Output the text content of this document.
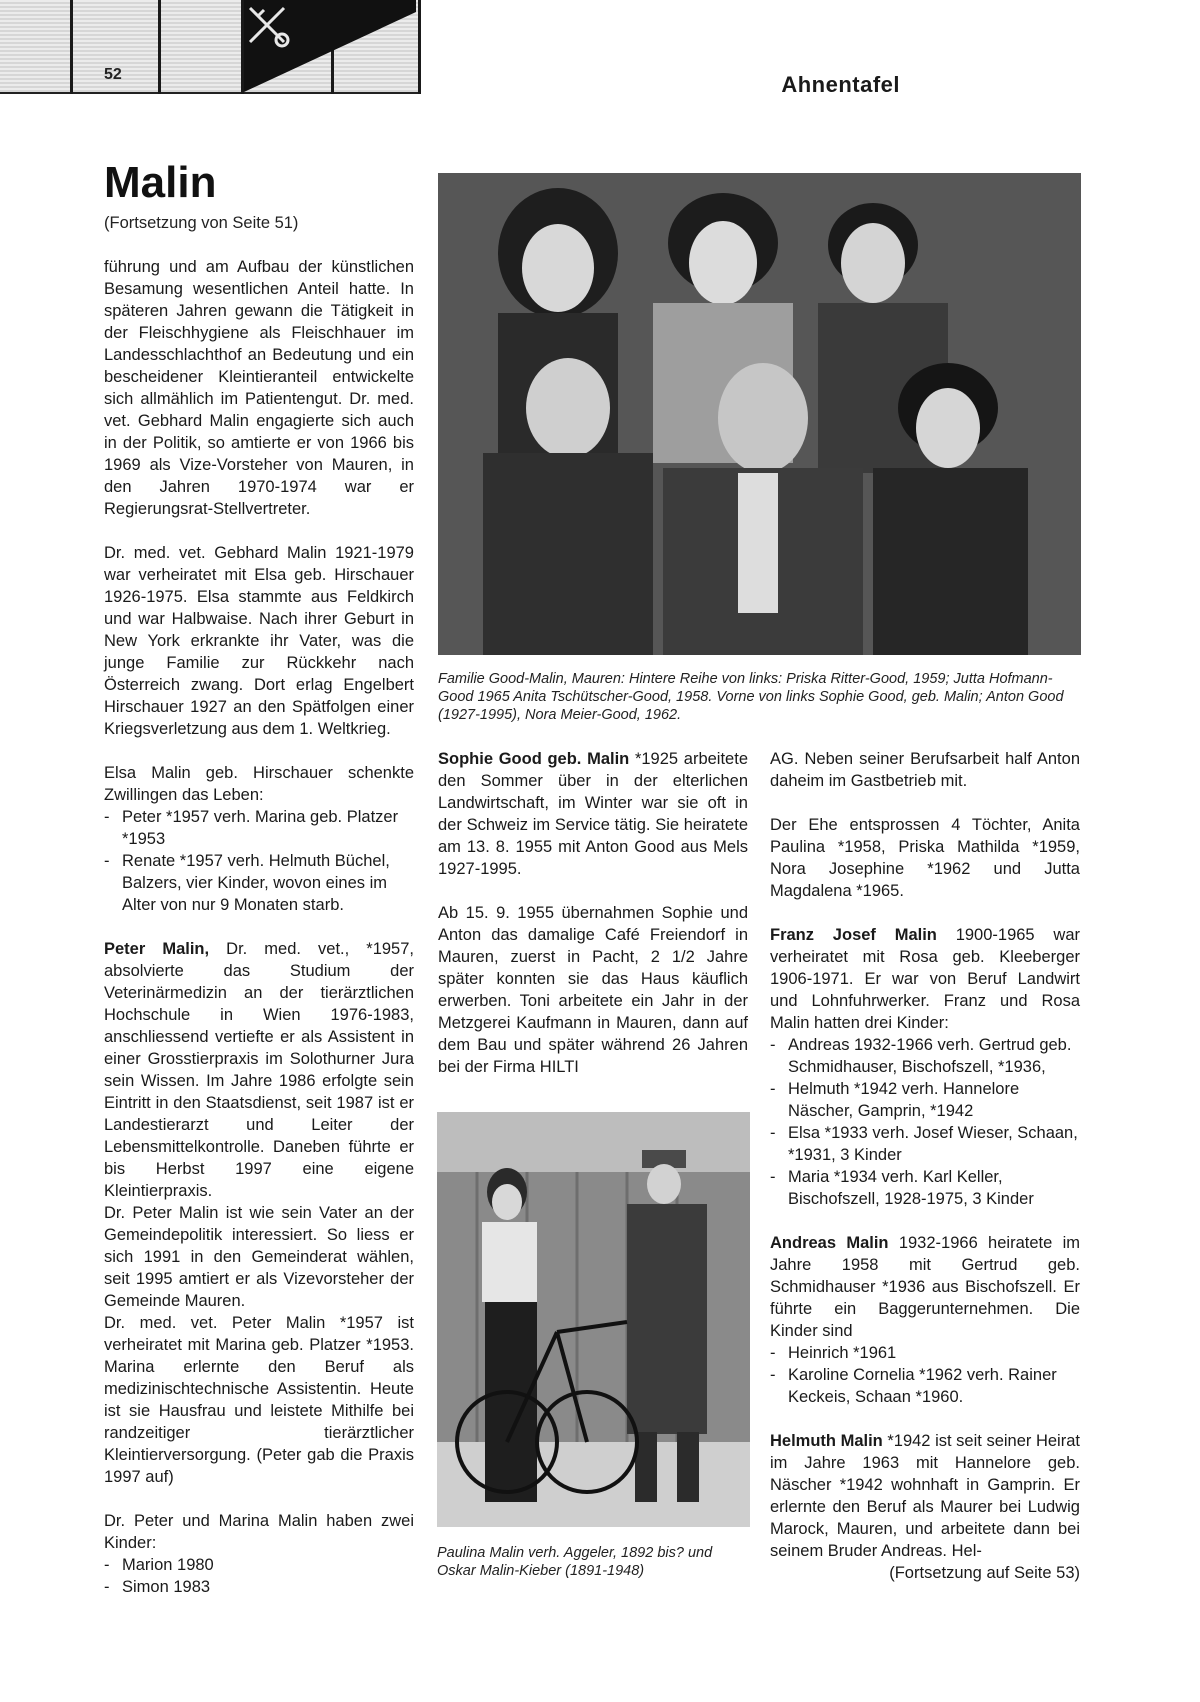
52	Ahnentafel
Malin
(Fortsetzung von Seite 51)

führung und am Aufbau der künstlichen Besamung wesentlichen Anteil hatte. In späteren Jahren gewann die Tätigkeit in der Fleischhygiene als Fleischhauer im Landesschlachthof an Bedeutung und ein bescheidener Kleintieranteil entwickelte sich allmählich im Patientengut. Dr. med. vet. Gebhard Malin engagierte sich auch in der Politik, so amtierte er von 1966 bis 1969 als Vize-Vorsteher von Mauren, in den Jahren 1970-1974 war er Regierungsrat-Stellvertreter.

Dr. med. vet. Gebhard Malin 1921-1979 war verheiratet mit Elsa geb. Hirschauer 1926-1975. Elsa stammte aus Feldkirch und war Halbwaise. Nach ihrer Geburt in New York erkrankte ihr Vater, was die junge Familie zur Rückkehr nach Österreich zwang. Dort erlag Engelbert Hirschauer 1927 an den Spätfolgen einer Kriegsverletzung aus dem 1. Weltkrieg.

Elsa Malin geb. Hirschauer schenkte Zwillingen das Leben:

- Peter *1957 verh. Marina geb. Platzer *1953
- Renate *1957 verh. Helmuth Büchel, Balzers, vier Kinder, wovon eines im Alter von nur 9 Monaten starb.

Peter Malin, Dr. med. vet., *1957, absolvierte das Studium der Veterinärmedizin an der tierärztlichen Hochschule in Wien 1976-1983, anschliessend vertiefte er als Assistent in einer Grosstierpraxis im Solothurner Jura sein Wissen. Im Jahre 1986 erfolgte sein Eintritt in den Staatsdienst, seit 1987 ist er Landestierarzt und Leiter der Lebensmittelkontrolle. Daneben führte er bis Herbst 1997 eine eigene Kleintierpraxis.

Dr. Peter Malin ist wie sein Vater an der Gemeindepolitik interessiert. So liess er sich 1991 in den Gemeinderat wählen, seit 1995 amtiert er als Vizevorsteher der Gemeinde Mauren.

Dr. med. vet. Peter Malin *1957 ist verheiratet mit Marina geb. Platzer *1953. Marina erlernte den Beruf als medizinischtechnische Assistentin. Heute ist sie Hausfrau und leistete Mithilfe bei randzeitiger tierärztlicher Kleintierversorgung. (Peter gab die Praxis 1997 auf)

Dr. Peter und Marina Malin haben zwei Kinder:

- Marion 1980
- Simon 1983
Familie Good-Malin, Mauren: Hintere Reihe von links: Priska Ritter-Good, 1959; Jutta Hofmann-Good 1965 Anita Tschütscher-Good, 1958. Vorne von links Sophie Good, geb. Malin; Anton Good (1927-1995), Nora Meier-Good, 1962.

Sophie Good geb. Malin *1925 arbeitete den Sommer über in der elterlichen Landwirtschaft, im Winter war sie oft in der Schweiz im Service tätig. Sie heiratete am 13. 8. 1955 mit Anton Good aus Mels 1927-1995.

Ab 15. 9. 1955 übernahmen Sophie und Anton das damalige Café Freiendorf in Mauren, zuerst in Pacht, 2 1/2 Jahre später konnten sie das Haus käuflich erwerben. Toni arbeitete ein Jahr in der Metzgerei Kaufmann in Mauren, dann auf dem Bau und später während 26 Jahren bei der Firma HILTI

Paulina Malin verh. Aggeler, 1892 bis? und Oskar Malin-Kieber (1891-1948)

AG. Neben seiner Berufsarbeit half Anton daheim im Gastbetrieb mit.

Der Ehe entsprossen 4 Töchter, Anita Paulina *1958, Priska Mathilda *1959, Nora Josephine *1962 und Jutta Magdalena *1965.

Franz Josef Malin 1900-1965 war verheiratet mit Rosa geb. Kleeberger 1906-1971. Er war von Beruf Landwirt und Lohnfuhrwerker. Franz und Rosa Malin hatten drei Kinder:

- Andreas 1932-1966 verh. Gertrud geb. Schmidhauser, Bischofszell, *1936,
- Helmuth *1942 verh. Hannelore Näscher, Gamprin, *1942
- Elsa *1933 verh. Josef Wieser, Schaan, *1931, 3 Kinder
- Maria *1934 verh. Karl Keller, Bischofszell, 1928-1975, 3 Kinder

Andreas Malin 1932-1966 heiratete im Jahre 1958 mit Gertrud geb. Schmidhauser *1936 aus Bischofszell. Er führte ein Baggerunternehmen. Die Kinder sind

- Heinrich *1961
- Karoline Cornelia *1962 verh. Rainer Keckeis, Schaan *1960.

Helmuth Malin *1942 ist seit seiner Heirat im Jahre 1963 mit Hannelore geb. Näscher *1942 wohnhaft in Gamprin. Er erlernte den Beruf als Maurer bei Ludwig Marock, Mauren, und arbeitete dann bei seinem Bruder Andreas. Hel-

(Fortsetzung auf Seite 53)
